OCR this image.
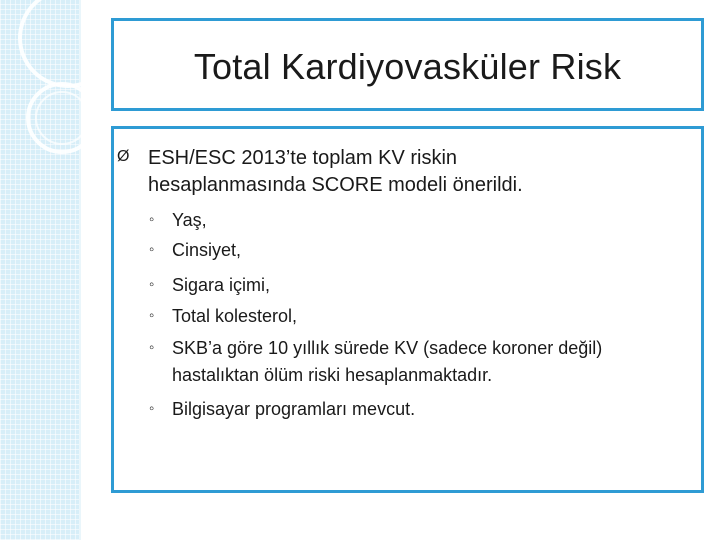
Total Kardiyovasküler Risk
Ø ESH/ESC 2013’te toplam KV riskin
hesaplanmasında SCORE modeli önerildi.
◦ Yaş,
◦ Cinsiyet,
◦ Sigara içimi,
◦ Total kolesterol,
◦ SKB’a göre 10 yıllık sürede KV (sadece koroner değil)
hastalıktan ölüm riski hesaplanmaktadır.
◦ Bilgisayar programları mevcut.
